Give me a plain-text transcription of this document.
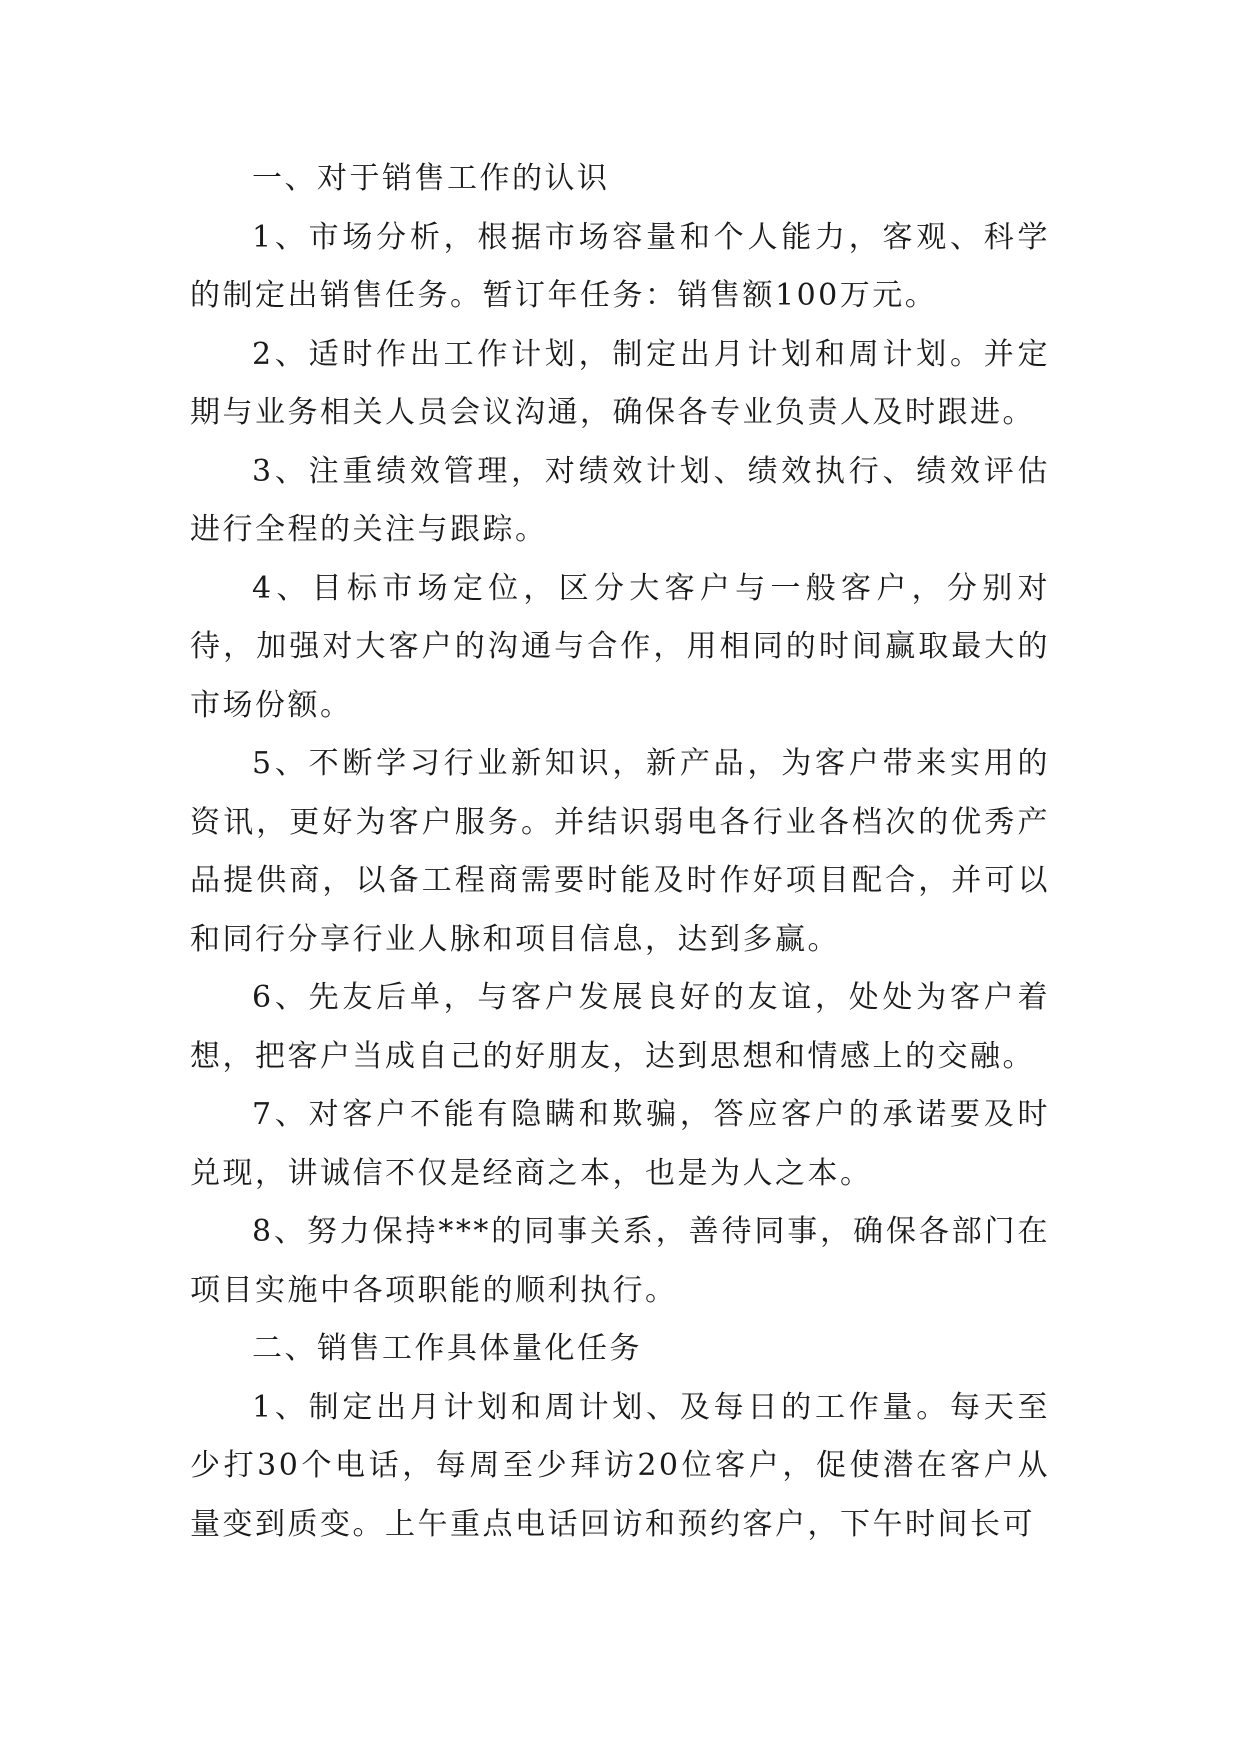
一、对于销售工作的认识

1、市场分析，根据市场容量和个人能力，客观、科学的制定出销售任务。暂订年任务：销售额100万元。

2、适时作出工作计划，制定出月计划和周计划。并定期与业务相关人员会议沟通，确保各专业负责人及时跟进。

3、注重绩效管理，对绩效计划、绩效执行、绩效评估进行全程的关注与跟踪。

4、目标市场定位，区分大客户与一般客户，分别对待，加强对大客户的沟通与合作，用相同的时间赢取最大的市场份额。

5、不断学习行业新知识，新产品，为客户带来实用的资讯，更好为客户服务。并结识弱电各行业各档次的优秀产品提供商，以备工程商需要时能及时作好项目配合，并可以和同行分享行业人脉和项目信息，达到多赢。

6、先友后单，与客户发展良好的友谊，处处为客户着想，把客户当成自己的好朋友，达到思想和情感上的交融。

7、对客户不能有隐瞒和欺骗，答应客户的承诺要及时兑现，讲诚信不仅是经商之本，也是为人之本。

8、努力保持***的同事关系，善待同事，确保各部门在项目实施中各项职能的顺利执行。

二、销售工作具体量化任务

1、制定出月计划和周计划、及每日的工作量。每天至少打30个电话，每周至少拜访20位客户，促使潜在客户从量变到质变。上午重点电话回访和预约客户，下午时间长可
